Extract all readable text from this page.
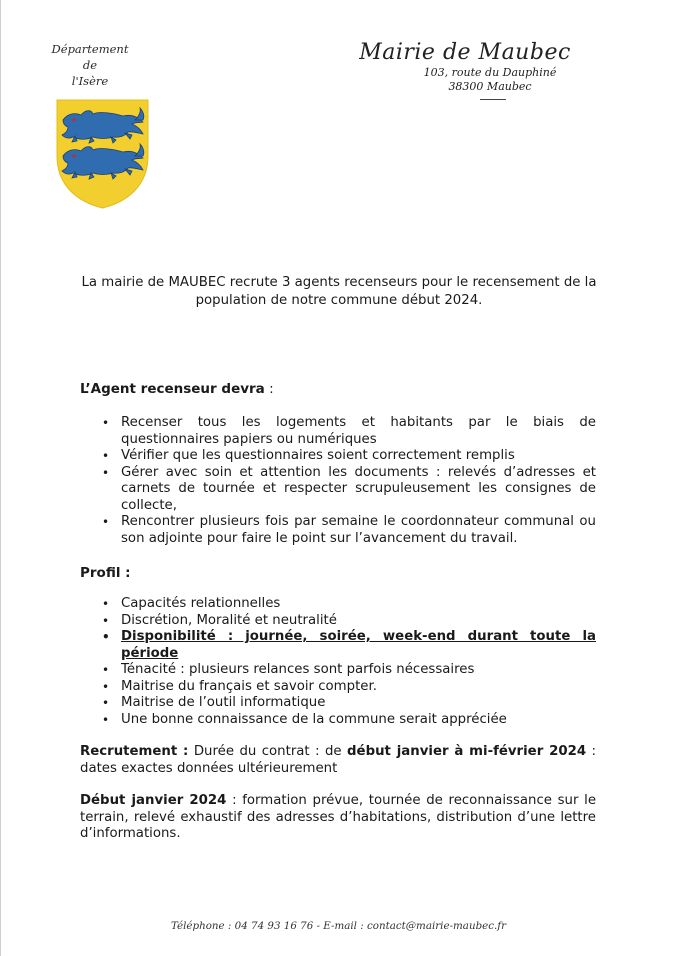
Département
de
l'Isère
Mairie de Maubec
103, route du Dauphiné
38300 Maubec
La mairie de MAUBEC recrute 3 agents recenseurs pour le recensement de la population de notre commune début 2024.
L’Agent recenseur devra :
• Recenser tous les logements et habitants par le biais de questionnaires papiers ou numériques
• Vérifier que les questionnaires soient correctement remplis
• Gérer avec soin et attention les documents : relevés d’adresses et carnets de tournée et respecter scrupuleusement les consignes de collecte,
• Rencontrer plusieurs fois par semaine le coordonnateur communal ou son adjointe pour faire le point sur l’avancement du travail.
Profil :
• Capacités relationnelles
• Discrétion, Moralité et neutralité
• Disponibilité : journée, soirée, week-end durant toute la période
• Ténacité : plusieurs relances sont parfois nécessaires
• Maitrise du français et savoir compter.
• Maitrise de l’outil informatique
• Une bonne connaissance de la commune serait appréciée
Recrutement : Durée du contrat : de début janvier à mi-février 2024 : dates exactes données ultérieurement
Début janvier 2024 : formation prévue, tournée de reconnaissance sur le terrain, relevé exhaustif des adresses d’habitations, distribution d’une lettre d’informations.
Téléphone : 04 74 93 16 76 - E-mail : contact@mairie-maubec.fr
